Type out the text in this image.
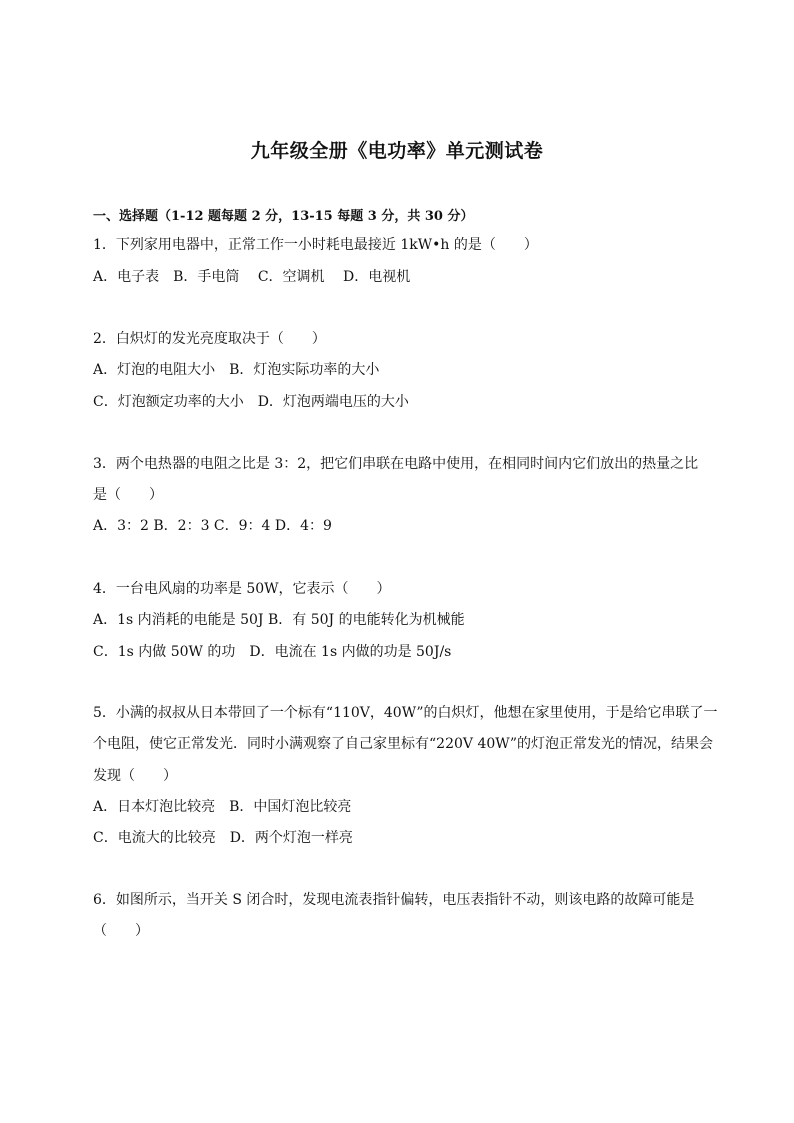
九年级全册《电功率》单元测试卷
一、选择题（1-12 题每题 2 分，13-15 每题 3 分，共 30 分）
1．下列家用电器中，正常工作一小时耗电最接近 1kW•h 的是（　　）
A．电子表　B．手电筒　 C．空调机　 D．电视机
2．白炽灯的发光亮度取决于（　　）
A．灯泡的电阻大小　B．灯泡实际功率的大小
C．灯泡额定功率的大小　D．灯泡两端电压的大小
3．两个电热器的电阻之比是 3：2，把它们串联在电路中使用，在相同时间内它们放出的热量之比
是（　　）
A．3：2 B．2：3 C．9：4 D．4：9
4．一台电风扇的功率是 50W，它表示（　　）
A．1s 内消耗的电能是 50J B．有 50J 的电能转化为机械能
C．1s 内做 50W 的功　D．电流在 1s 内做的功是 50J/s
5．小满的叔叔从日本带回了一个标有“110V，40W”的白炽灯，他想在家里使用，于是给它串联了一
个电阻，使它正常发光．同时小满观察了自己家里标有“220V 40W”的灯泡正常发光的情况，结果会
发现（　　）
A．日本灯泡比较亮　B．中国灯泡比较亮
C．电流大的比较亮　D．两个灯泡一样亮
6．如图所示，当开关 S 闭合时，发现电流表指针偏转，电压表指针不动，则该电路的故障可能是
（　　）
